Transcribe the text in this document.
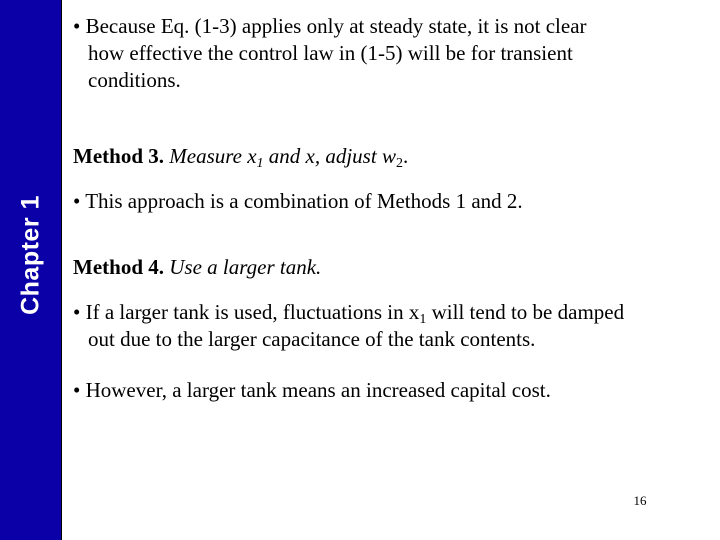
Chapter 1
• Because Eq. (1-3) applies only at steady state, it is not clear
how effective the control law in (1-5) will be for transient
conditions.
Method 3. Measure $x_1$ and x, adjust $w_2$.
• This approach is a combination of Methods 1 and 2.
Method 4. Use a larger tank.
• If a larger tank is used, fluctuations in $x_1$ will tend to be damped
out due to the larger capacitance of the tank contents.
• However, a larger tank means an increased capital cost.
16
